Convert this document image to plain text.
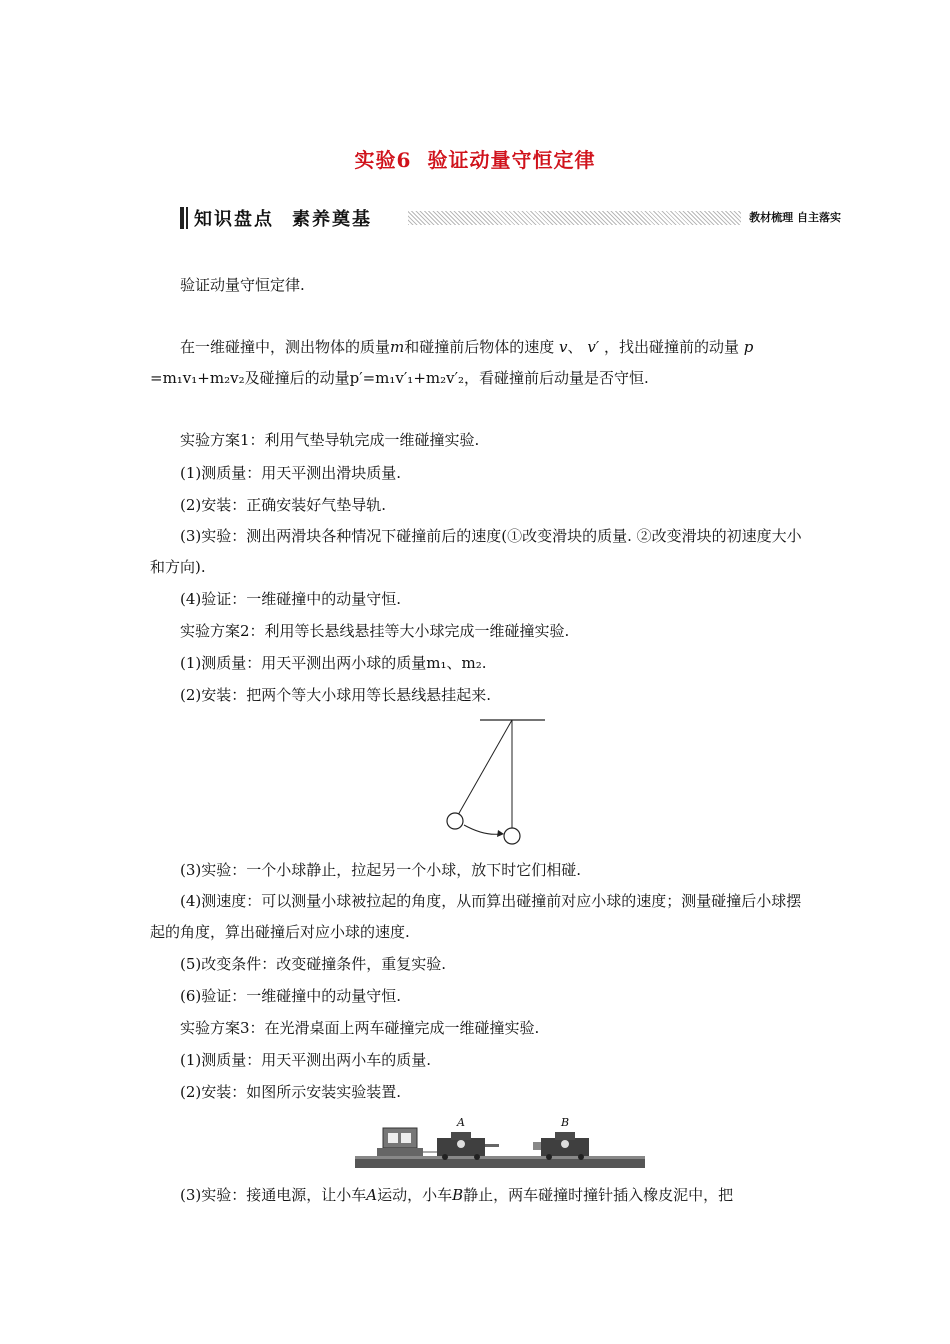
实验6 验证动量守恒定律
知识盘点 素养奠基	教材梳理 自主落实

验证动量守恒定律.

在一维碰撞中，测出物体的质量m和碰撞前后物体的速度 v、 v′ ，找出碰撞前的动量 p =m₁v₁+m₂v₂及碰撞后的动量p′=m₁v′₁+m₂v′₂，看碰撞前后动量是否守恒.

实验方案1：利用气垫导轨完成一维碰撞实验.

(1)测质量：用天平测出滑块质量.

(2)安装：正确安装好气垫导轨.

(3)实验：测出两滑块各种情况下碰撞前后的速度(①改变滑块的质量. ②改变滑块的初速度大小和方向).

(4)验证：一维碰撞中的动量守恒.

实验方案2：利用等长悬线悬挂等大小球完成一维碰撞实验.

(1)测质量：用天平测出两小球的质量m₁、m₂.

(2)安装：把两个等大小球用等长悬线悬挂起来.

(3)实验：一个小球静止，拉起另一个小球，放下时它们相碰.

(4)测速度：可以测量小球被拉起的角度，从而算出碰撞前对应小球的速度；测量碰撞后小球摆起的角度，算出碰撞后对应小球的速度.

(5)改变条件：改变碰撞条件，重复实验.

(6)验证：一维碰撞中的动量守恒.

实验方案3：在光滑桌面上两车碰撞完成一维碰撞实验.

(1)测质量：用天平测出两小车的质量.

(2)安装：如图所示安装实验装置.

A	B

(3)实验：接通电源，让小车A运动，小车B静止，两车碰撞时撞针插入橡皮泥中，把
